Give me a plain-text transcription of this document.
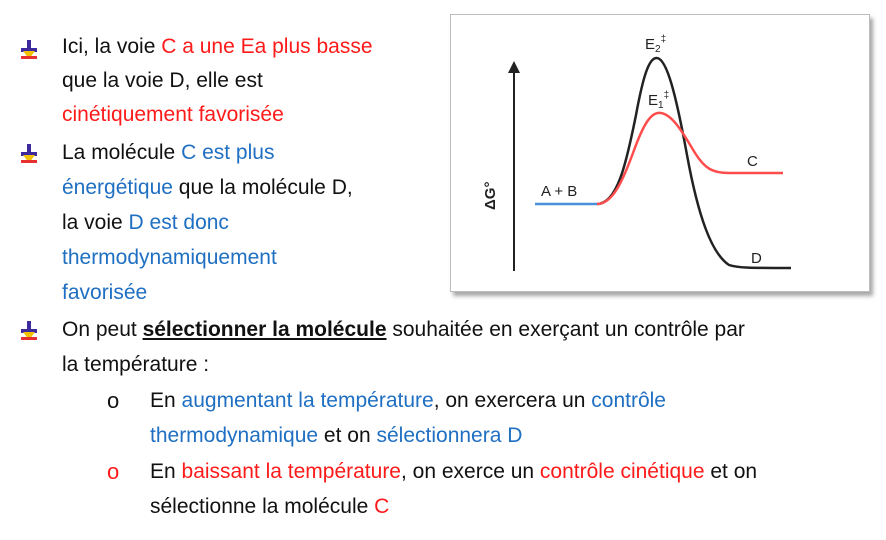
Ici, la voie C a une Ea plus basse
que la voie D, elle est
cinétiquement favorisée
La molécule C est plus
énergétique que la molécule D,
la voie D est donc
thermodynamiquement
favorisée
On peut sélectionner la molécule souhaitée en exerçant un contrôle par
la température :
o En augmentant la température, on exercera un contrôle
thermodynamique et on sélectionnera D
o En baissant la température, on exerce un contrôle cinétique et on
sélectionne la molécule C
ΔG°	A + B
$E_2^\ddagger$
$E_1^\ddagger$
C
D
